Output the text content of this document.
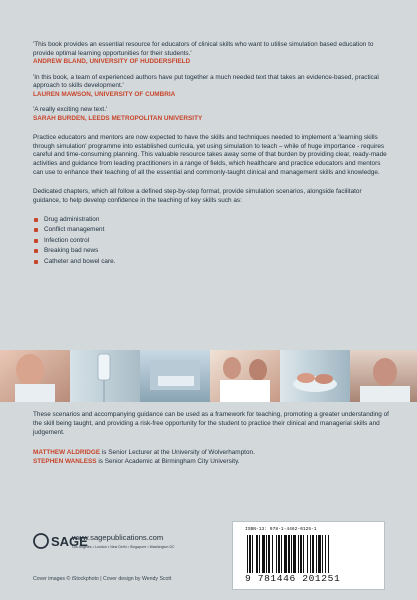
'This book provides an essential resource for educators of clinical skills who want to utilise simulation based education to provide optimal learning opportunities for their students.'
ANDREW BLAND, UNIVERSITY OF HUDDERSFIELD
'In this book, a team of experienced authors have put together a much needed text that takes an evidence-based, practical approach to skills development.'
LAUREN MAWSON, UNIVERSITY OF CUMBRIA
'A really exciting new text.'
SARAH BURDEN, LEEDS METROPOLITAN UNIVERSITY

Practice educators and mentors are now expected to have the skills and techniques needed to implement a 'learning skills through simulation' programme into established curricula, yet using simulation to teach – while of huge importance - requires careful and time-consuming planning. This valuable resource takes away some of that burden by providing clear, ready-made activities and guidance from leading practitioners in a range of fields, which healthcare and practice educators and mentors can use to enhance their teaching of all the essential and commonly-taught clinical and management skills and knowledge.

Dedicated chapters, which all follow a defined step-by-step format, provide simulation scenarios, alongside facilitator guidance, to help develop confidence in the teaching of key skills such as:

Drug administration
Conflict management
Infection control
Breaking bad news
Catheter and bowel care.

These scenarios and accompanying guidance can be used as a framework for teaching, promoting a greater understanding of the skill being taught, and providing a risk-free opportunity for the student to practice their clinical and managerial skills and judgement.

MATTHEW ALDRIDGE is Senior Lecturer at the University of Wolverhampton.
STEPHEN WANLESS is Senior Academic at Birmingham City University.
SAGE
www.sagepublications.com
Los Angeles • London • New Delhi • Singapore • Washington DC
Cover images © iStockphoto | Cover design by Wendy Scott
ISBN-13: 978-1-4462-0125-1
9 781446 201251
